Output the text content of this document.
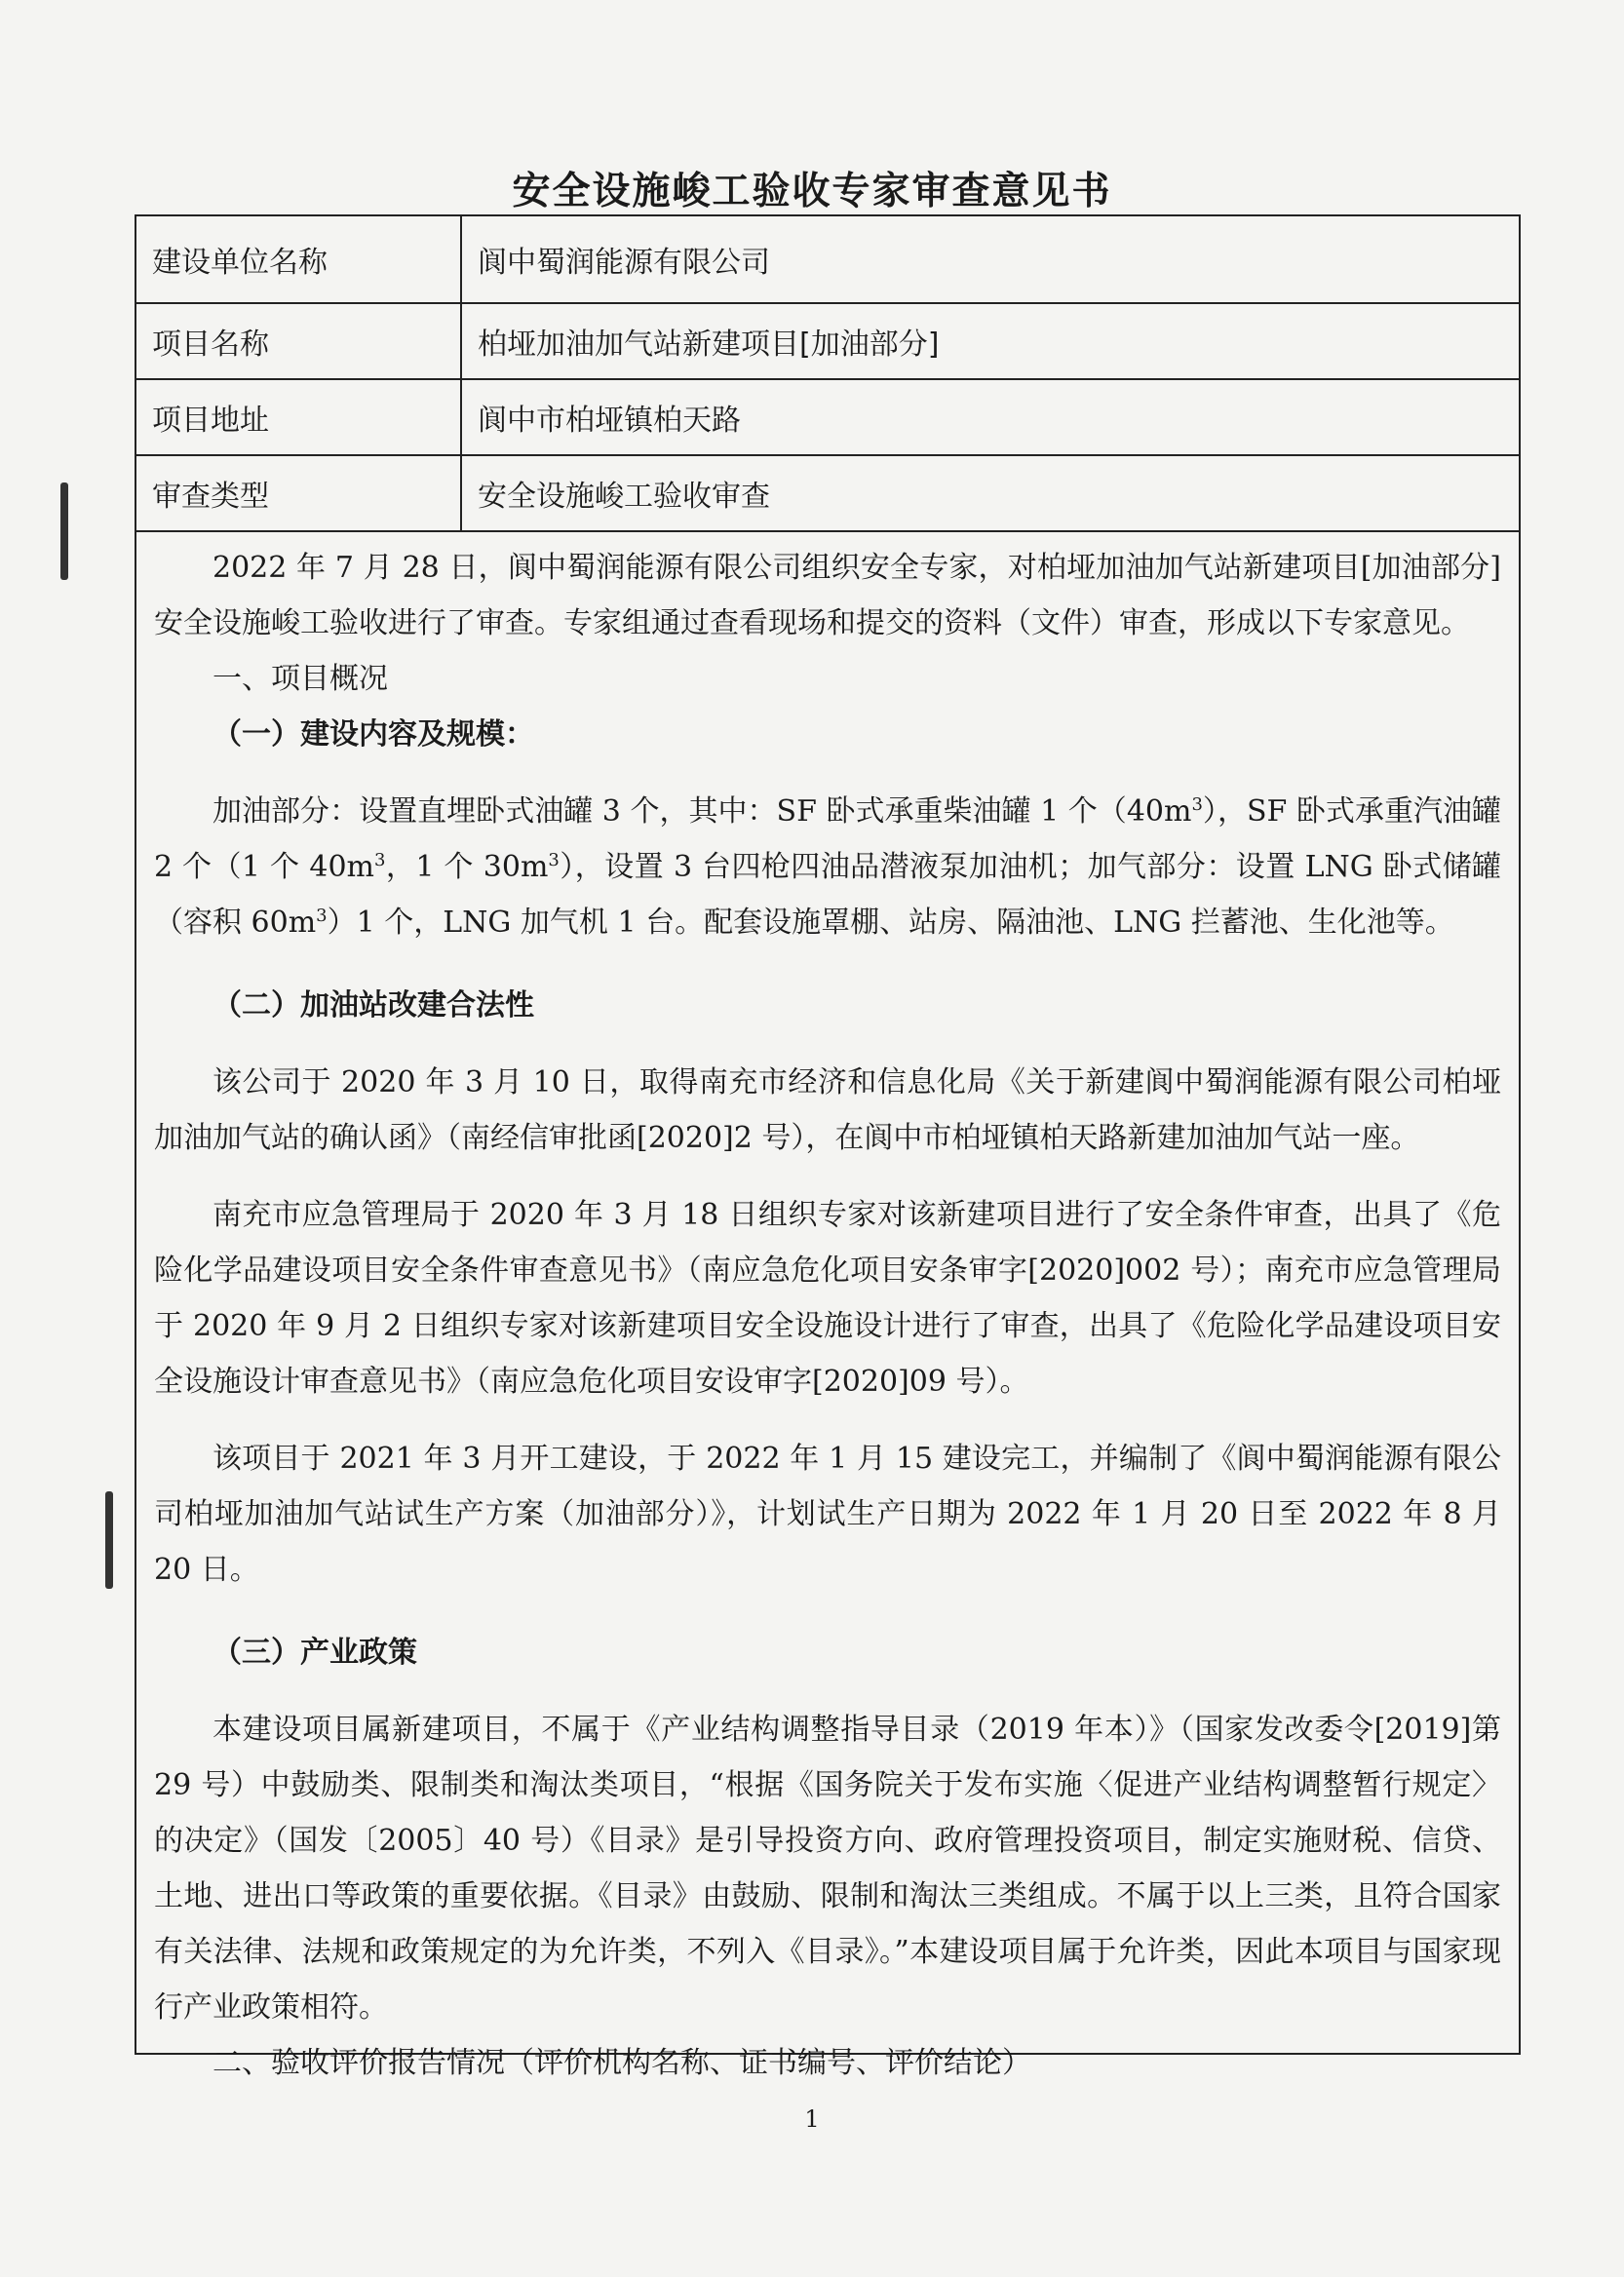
安全设施峻工验收专家审查意见书
建设单位名称	阆中蜀润能源有限公司
项目名称	柏垭加油加气站新建项目[加油部分]
项目地址	阆中市柏垭镇柏天路
审查类型	安全设施峻工验收审查

2022 年 7 月 28 日，阆中蜀润能源有限公司组织安全专家，对柏垭加油加气站新建项目[加油部分]安全设施峻工验收进行了审查。专家组通过查看现场和提交的资料（文件）审查，形成以下专家意见。

一、项目概况

（一）建设内容及规模：

加油部分：设置直埋卧式油罐 3 个，其中：SF 卧式承重柴油罐 1 个$(40m^3)$，SF 卧式承重汽油罐 2 个（1 个 $40m^3$，1 个 $30m^3$），设置 3 台四枪四油品潜液泵加油机；加气部分：设置 LNG 卧式储罐（容积 $60m^3)1$ 个，LNG 加气机 1 台。配套设施罩棚、站房、隔油池、LNG 拦蓄池、生化池等。

（二）加油站改建合法性

该公司于 2020 年 3 月 10 日，取得南充市经济和信息化局《关于新建阆中蜀润能源有限公司柏垭加油加气站的确认函》（南经信审批函[2020]2 号），在阆中市柏垭镇柏天路新建加油加气站一座。

南充市应急管理局于 2020 年 3 月 18 日组织专家对该新建项目进行了安全条件审查，出具了《危险化学品建设项目安全条件审查意见书》（南应急危化项目安条审字[2020]002 号）；南充市应急管理局于 2020 年 9 月 2 日组织专家对该新建项目安全设施设计进行了审查，出具了《危险化学品建设项目安全设施设计审查意见书》（南应急危化项目安设审字[2020]09 号）。

该项目于 2021 年 3 月开工建设，于 2022 年 1 月 15 建设完工，并编制了《阆中蜀润能源有限公司柏垭加油加气站试生产方案（加油部分）》，计划试生产日期为 2022 年 1 月 20 日至 2022 年 8 月 20 日。

（三）产业政策

本建设项目属新建项目，不属于《产业结构调整指导目录（2019 年本）》（国家发改委令[2019]第 29 号）中鼓励类、限制类和淘汰类项目，“根据《国务院关于发布实施〈促进产业结构调整暂行规定〉的决定》（国发〔2005〕40 号）《目录》是引导投资方向、政府管理投资项目，制定实施财税、信贷、土地、进出口等政策的重要依据。《目录》由鼓励、限制和淘汰三类组成。不属于以上三类，且符合国家有关法律、法规和政策规定的为允许类，不列入《目录》。”本建设项目属于允许类，因此本项目与国家现行产业政策相符。

二、验收评价报告情况（评价机构名称、证书编号、评价结论）

1
